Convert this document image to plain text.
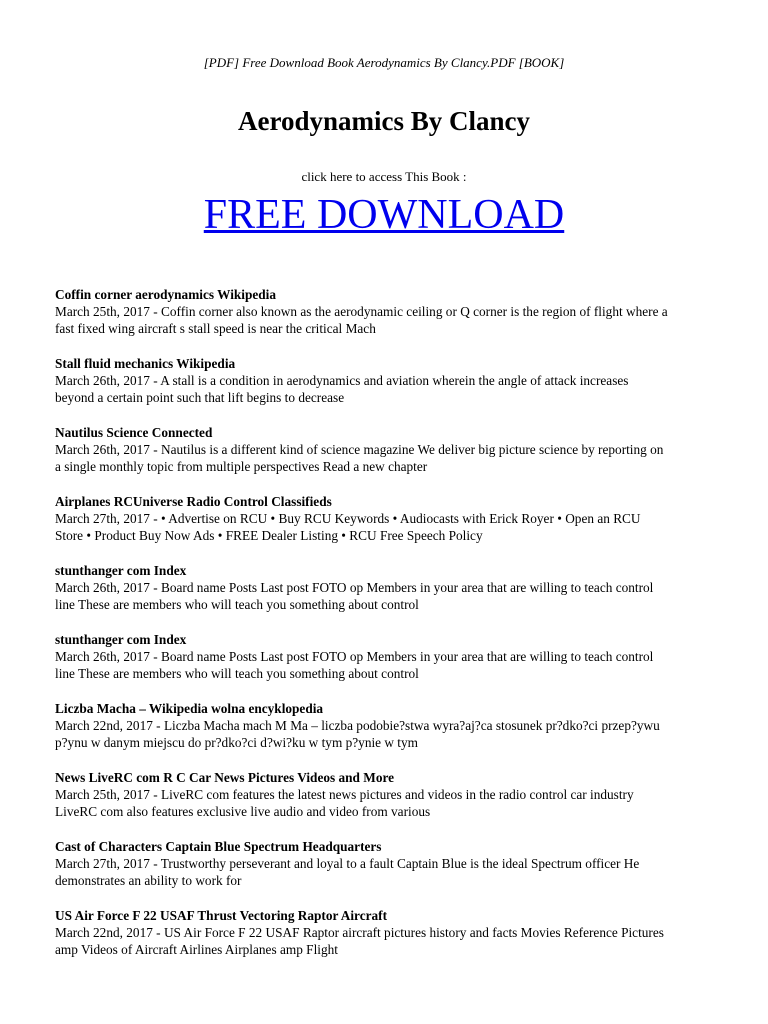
[PDF] Free Download Book Aerodynamics By Clancy.PDF [BOOK]
Aerodynamics By Clancy
click here to access This Book :
FREE DOWNLOAD
Coffin corner aerodynamics Wikipedia
March 25th, 2017 - Coffin corner also known as the aerodynamic ceiling or Q corner is the region of flight where a
fast fixed wing aircraft s stall speed is near the critical Mach
Stall fluid mechanics Wikipedia
March 26th, 2017 - A stall is a condition in aerodynamics and aviation wherein the angle of attack increases
beyond a certain point such that lift begins to decrease
Nautilus Science Connected
March 26th, 2017 - Nautilus is a different kind of science magazine We deliver big picture science by reporting on
a single monthly topic from multiple perspectives Read a new chapter
Airplanes RCUniverse Radio Control Classifieds
March 27th, 2017 - • Advertise on RCU • Buy RCU Keywords • Audiocasts with Erick Royer • Open an RCU
Store • Product Buy Now Ads • FREE Dealer Listing • RCU Free Speech Policy
stunthanger com Index
March 26th, 2017 - Board name Posts Last post FOTO op Members in your area that are willing to teach control
line These are members who will teach you something about control
stunthanger com Index
March 26th, 2017 - Board name Posts Last post FOTO op Members in your area that are willing to teach control
line These are members who will teach you something about control
Liczba Macha – Wikipedia wolna encyklopedia
March 22nd, 2017 - Liczba Macha mach M Ma – liczba podobie?stwa wyra?aj?ca stosunek pr?dko?ci przep?ywu
p?ynu w danym miejscu do pr?dko?ci d?wi?ku w tym p?ynie w tym
News LiveRC com R C Car News Pictures Videos and More
March 25th, 2017 - LiveRC com features the latest news pictures and videos in the radio control car industry
LiveRC com also features exclusive live audio and video from various
Cast of Characters Captain Blue Spectrum Headquarters
March 27th, 2017 - Trustworthy perseverant and loyal to a fault Captain Blue is the ideal Spectrum officer He
demonstrates an ability to work for
US Air Force F 22 USAF Thrust Vectoring Raptor Aircraft
March 22nd, 2017 - US Air Force F 22 USAF Raptor aircraft pictures history and facts Movies Reference Pictures
amp Videos of Aircraft Airlines Airplanes amp Flight
